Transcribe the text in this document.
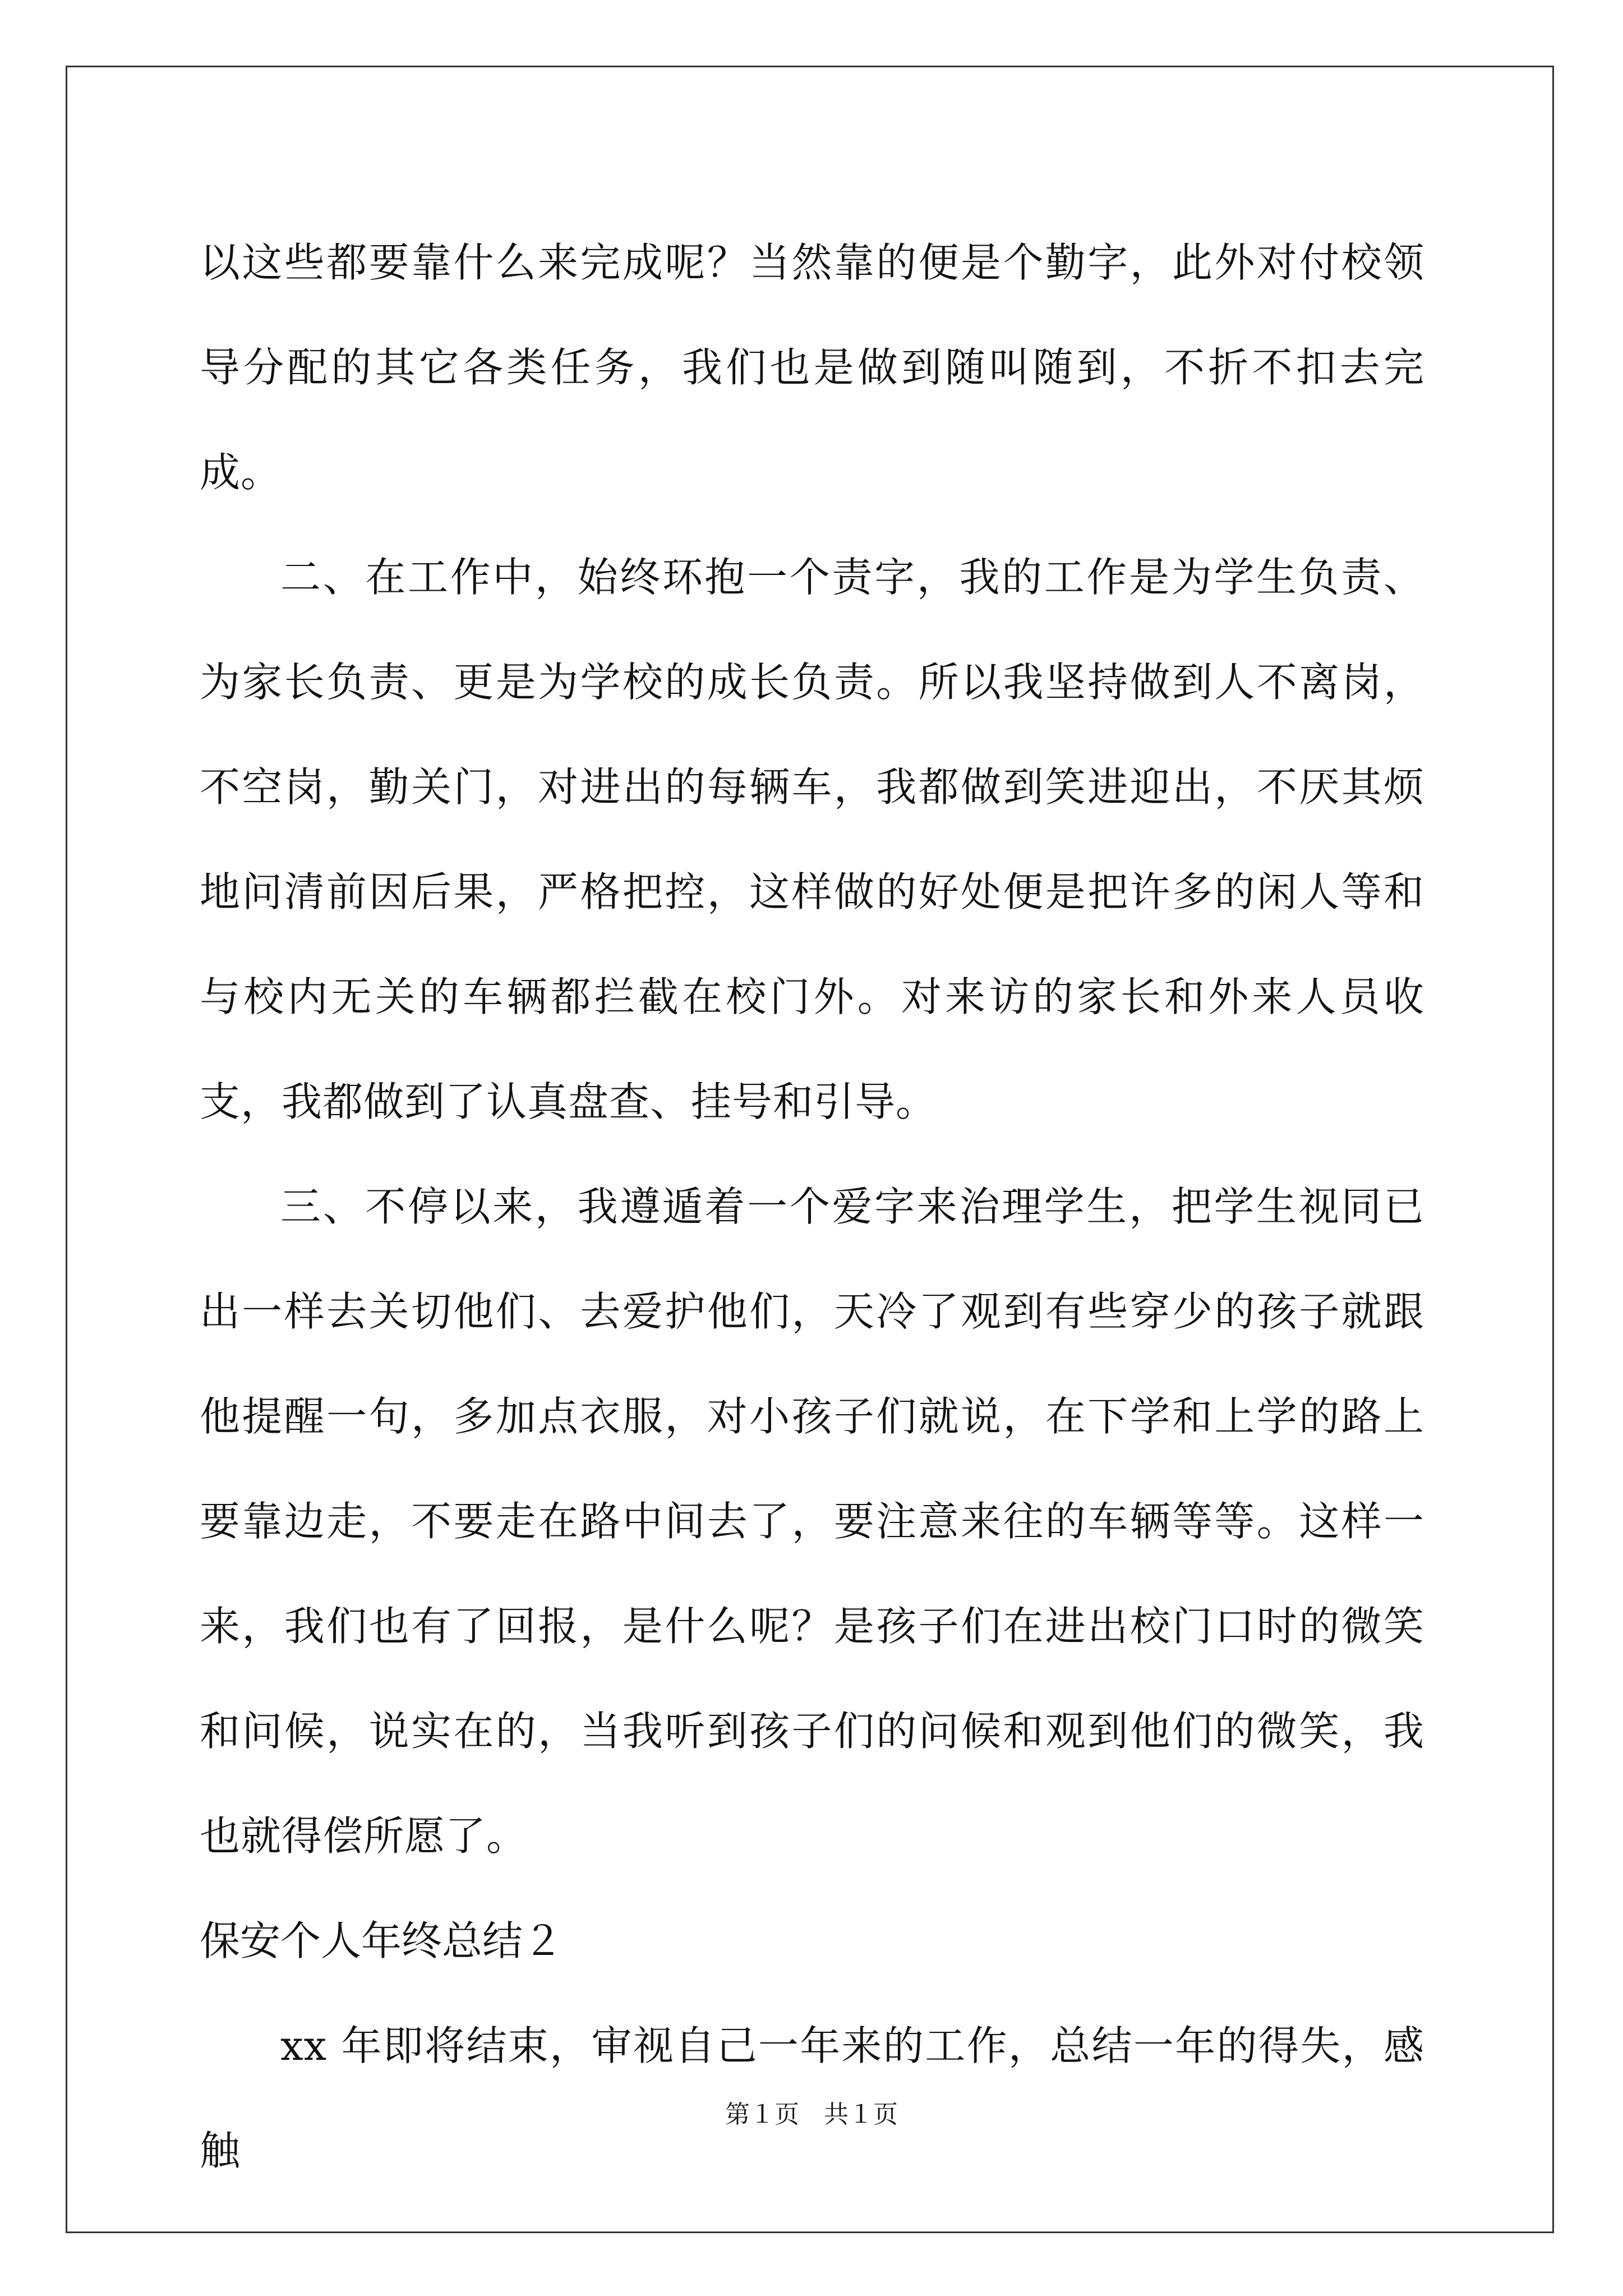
以这些都要靠什么来完成呢？当然靠的便是个勤字，此外对付校领导分配的其它各类任务，我们也是做到随叫随到，不折不扣去完成。

二、在工作中，始终环抱一个责字，我的工作是为学生负责、为家长负责、更是为学校的成长负责。所以我坚持做到人不离岗，不空岗，勤关门，对进出的每辆车，我都做到笑进迎出，不厌其烦地问清前因后果，严格把控，这样做的好处便是把许多的闲人等和与校内无关的车辆都拦截在校门外。对来访的家长和外来人员收支，我都做到了认真盘查、挂号和引导。

三、不停以来，我遵遁着一个爱字来治理学生，把学生视同已出一样去关切他们、去爱护他们，天冷了观到有些穿少的孩子就跟他提醒一句，多加点衣服，对小孩子们就说，在下学和上学的路上要靠边走，不要走在路中间去了，要注意来往的车辆等等。这样一来，我们也有了回报，是什么呢？是孩子们在进出校门口时的微笑和问候，说实在的，当我听到孩子们的问候和观到他们的微笑，我也就得偿所愿了。

保安个人年终总结２

xx 年即将结束，审视自己一年来的工作，总结一年的得失，感触

第１页　共１页
